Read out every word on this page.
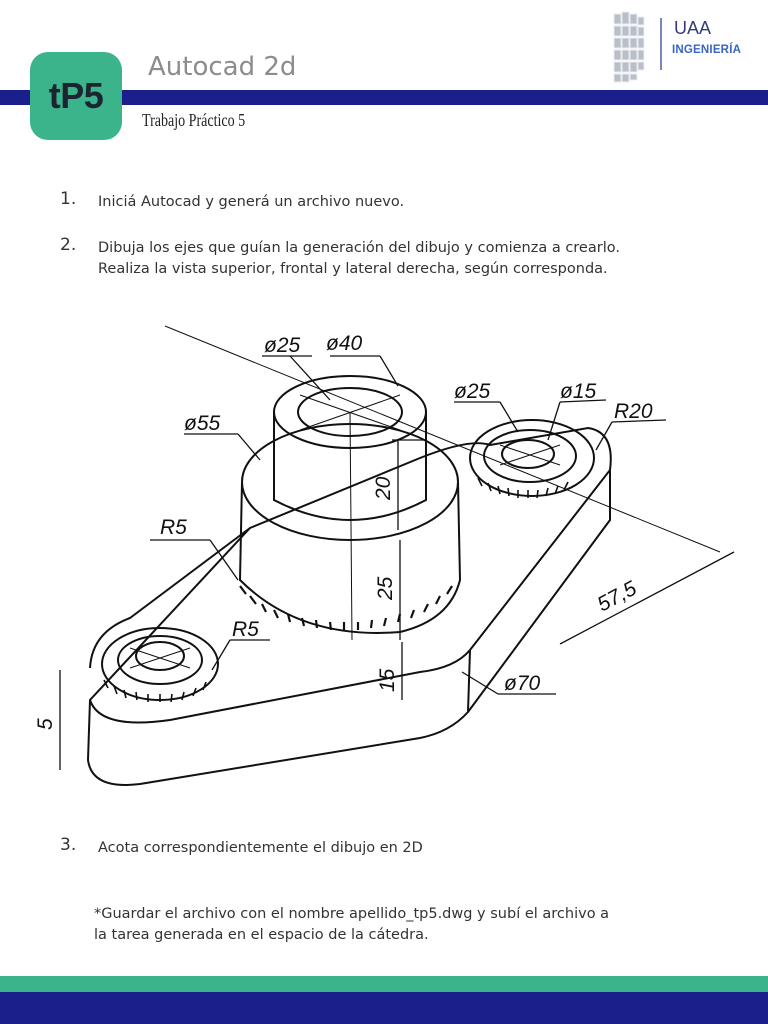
tP5
Autocad 2d
Trabajo Práctico 5
UAA
INGENIERÍA
1. Iniciá Autocad y generá un archivo nuevo.
2. Dibuja los ejes que guían la generación del dibujo y comienza a crearlo.
Realiza la vista superior, frontal y lateral derecha, según corresponda.
ø25 ø40
ø55
ø25	ø15
R20
R5
R5
20
25
15
5
57,5
ø70
3. Acota correspondientemente el dibujo en 2D
*Guardar el archivo con el nombre apellido_tp5.dwg y subí el archivo a
la tarea generada en el espacio de la cátedra.
